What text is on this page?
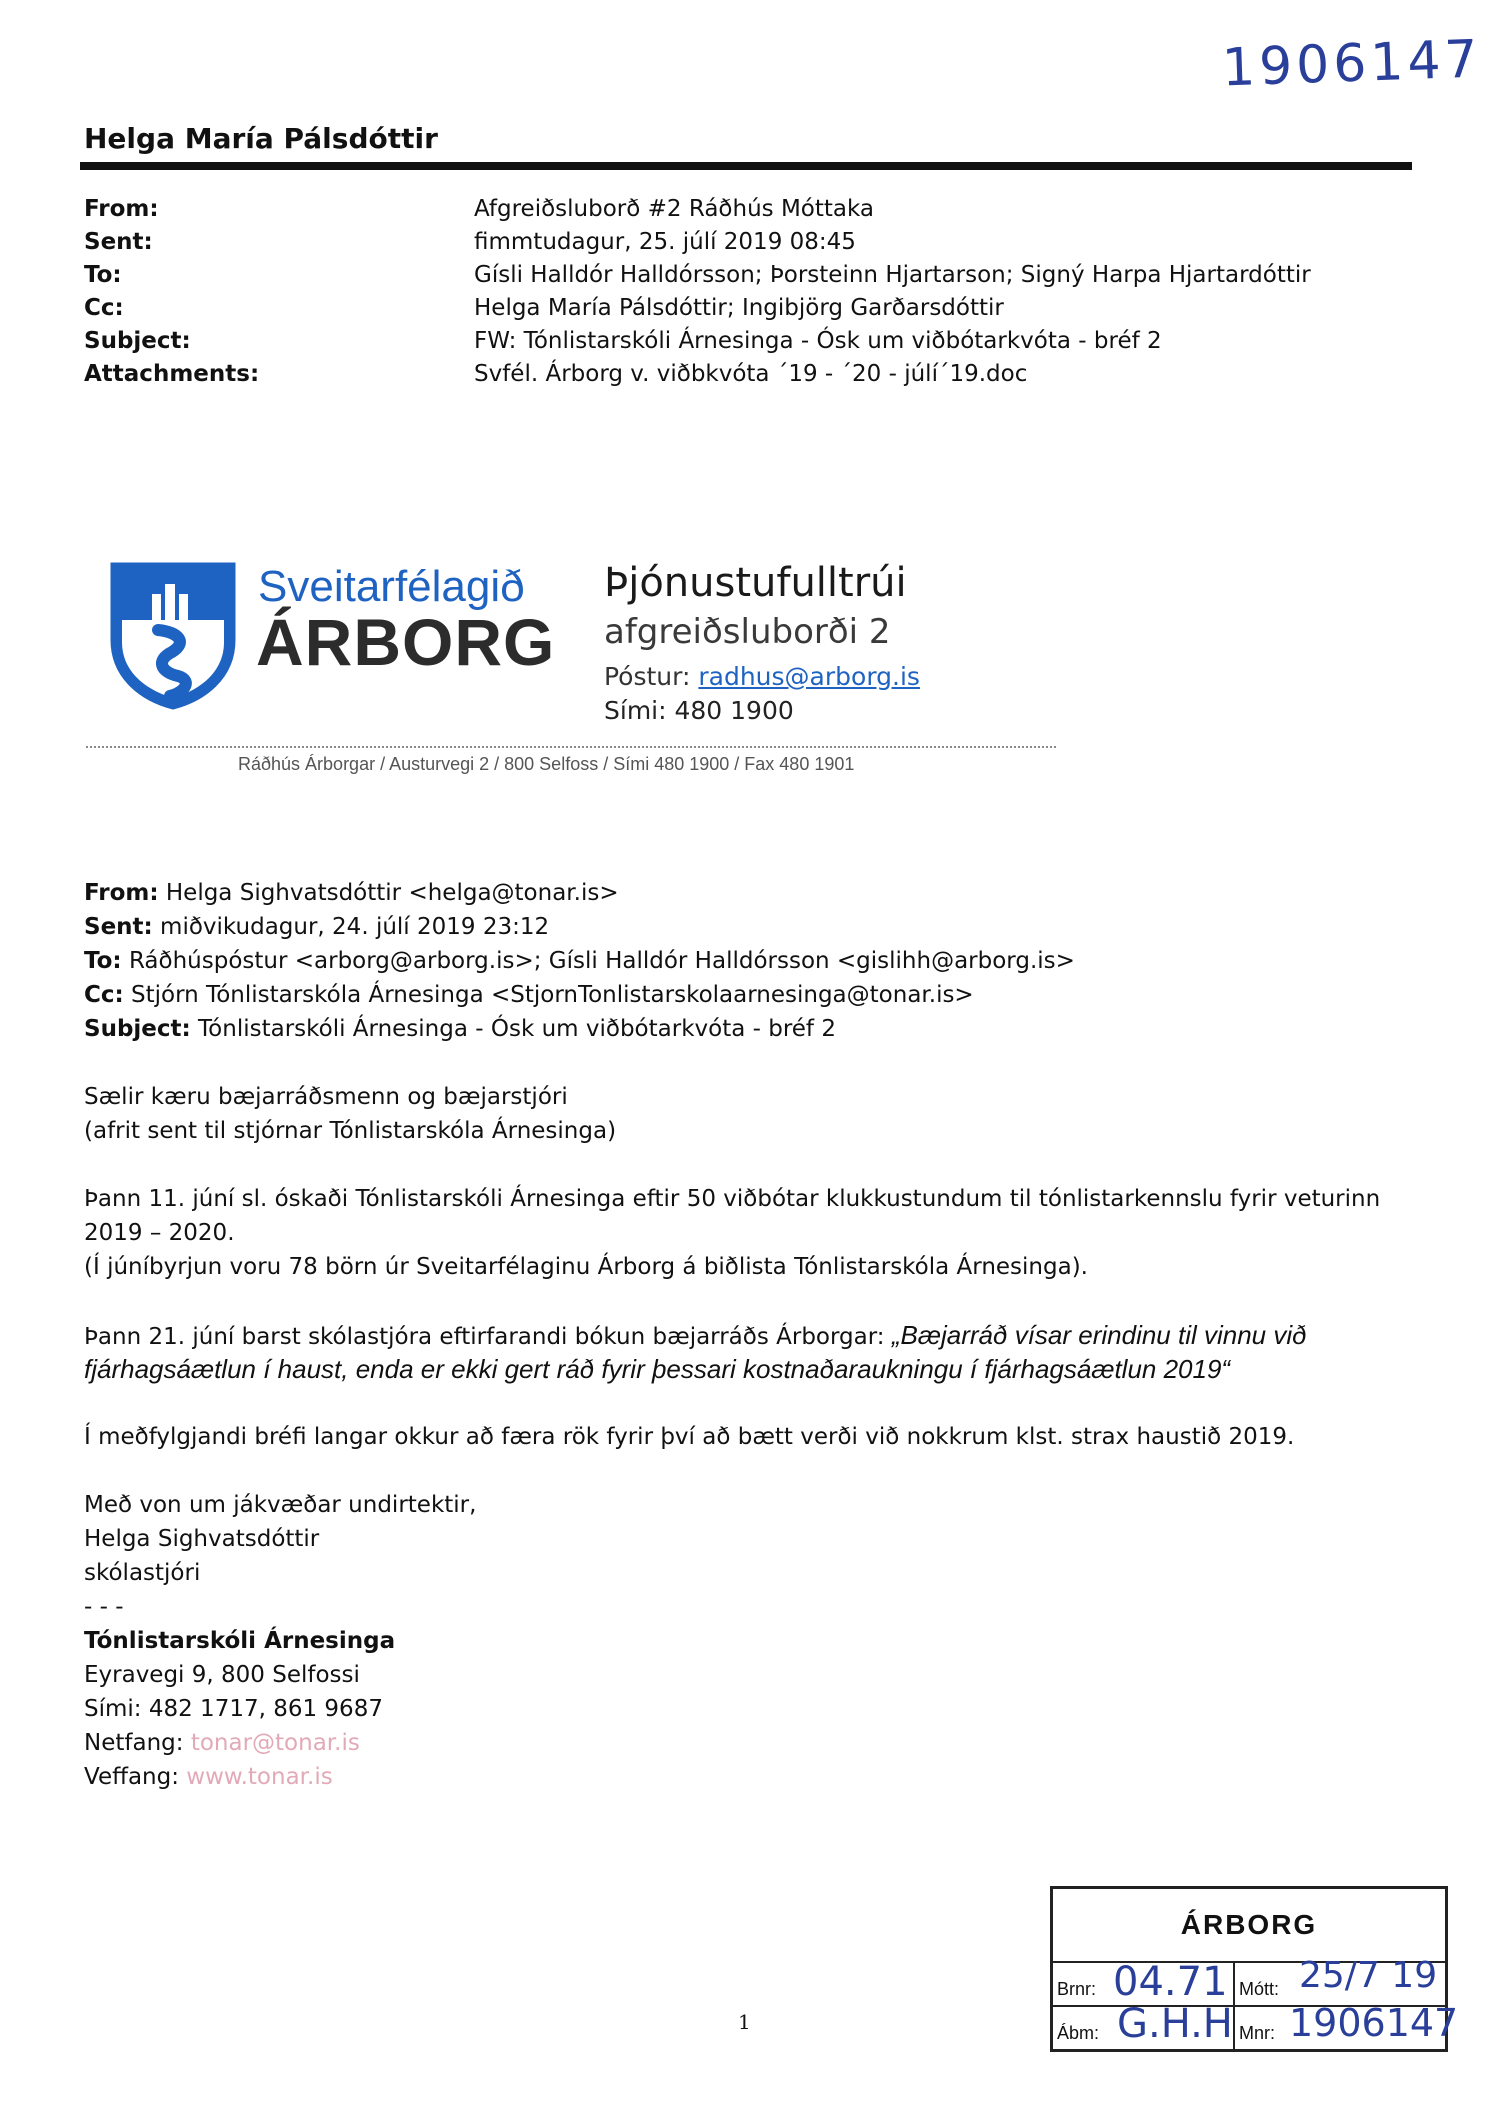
1906147
Helga María Pálsdóttir
From:	Afgreiðsluborð #2 Ráðhús Móttaka
Sent:	fimmtudagur, 25. júlí 2019 08:45
To:	Gísli Halldór Halldórsson; Þorsteinn Hjartarson; Signý Harpa Hjartardóttir
Cc:	Helga María Pálsdóttir; Ingibjörg Garðarsdóttir
Subject:	FW: Tónlistarskóli Árnesinga - Ósk um viðbótarkvóta - bréf 2
Attachments:	Svfél. Árborg v. viðbkvóta ´19 - ´20 - júlí´19.doc
Sveitarfélagið
ÁRBORG
Þjónustufulltrúi
afgreiðsluborði 2
Póstur: radhus@arborg.is
Sími: 480 1900
Ráðhús Árborgar / Austurvegi 2 / 800 Selfoss / Sími 480 1900 / Fax 480 1901
From: Helga Sighvatsdóttir <helga@tonar.is>
Sent: miðvikudagur, 24. júlí 2019 23:12
To: Ráðhúspóstur <arborg@arborg.is>; Gísli Halldór Halldórsson <gislihh@arborg.is>
Cc: Stjórn Tónlistarskóla Árnesinga <StjornTonlistarskolaarnesinga@tonar.is>
Subject: Tónlistarskóli Árnesinga - Ósk um viðbótarkvóta - bréf 2
Sælir kæru bæjarráðsmenn og bæjarstjóri
(afrit sent til stjórnar Tónlistarskóla Árnesinga)
Þann 11. júní sl. óskaði Tónlistarskóli Árnesinga eftir 50 viðbótar klukkustundum til tónlistarkennslu fyrir veturinn
2019 – 2020.
(Í júníbyrjun voru 78 börn úr Sveitarfélaginu Árborg á biðlista Tónlistarskóla Árnesinga).
Þann 21. júní barst skólastjóra eftirfarandi bókun bæjarráðs Árborgar: „Bæjarráð vísar erindinu til vinnu við
fjárhagsáætlun í haust, enda er ekki gert ráð fyrir þessari kostnaðaraukningu í fjárhagsáætlun 2019“
Í meðfylgjandi bréfi langar okkur að færa rök fyrir því að bætt verði við nokkrum klst. strax haustið 2019.
Með von um jákvæðar undirtektir,
Helga Sighvatsdóttir
skólastjóri
- - -
Tónlistarskóli Árnesinga
Eyravegi 9, 800 Selfossi
Sími: 482 1717, 861 9687
Netfang: tonar@tonar.is
Veffang: www.tonar.is
1
ÁRBORG
Brnr: 04.71 Mótt: 25/7 19
Ábm: G.H.H Mnr: 1906147
